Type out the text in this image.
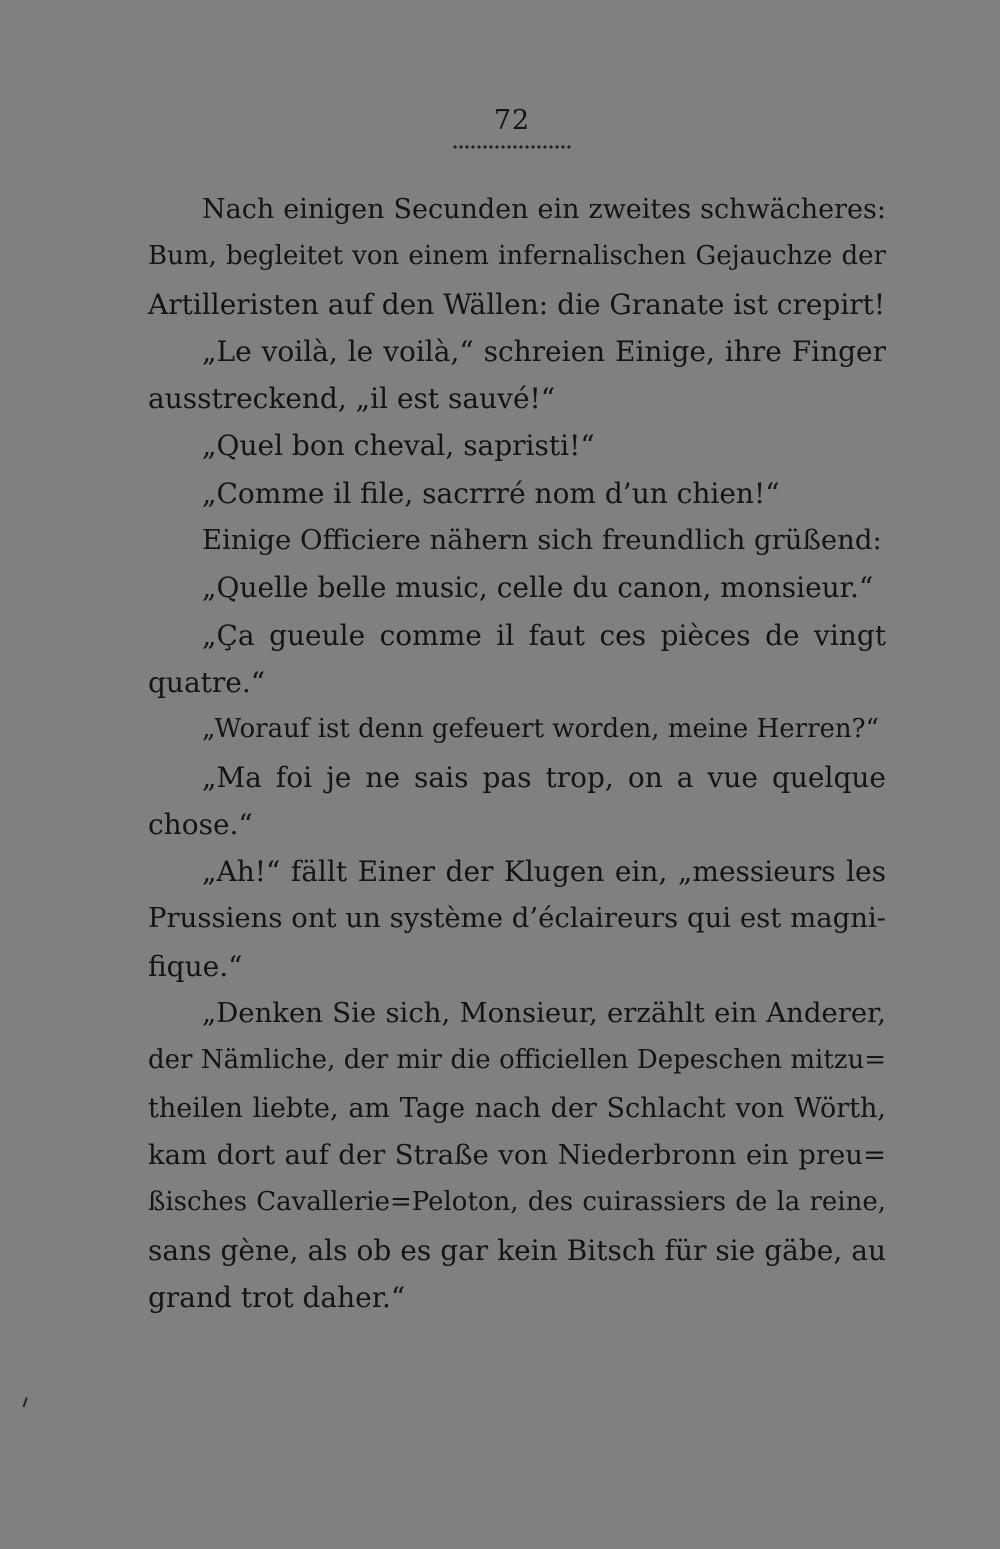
72
Nach einigen Secunden ein zweites schwächeres:
Bum, begleitet von einem infernalischen Gejauchze der
Artilleristen auf den Wällen: die Granate ist crepirt!
„Le voilà, le voilà,“ schreien Einige, ihre Finger
ausstreckend, „il est sauvé!“
„Quel bon cheval, sapristi!“
„Comme il file, sacrrré nom d’un chien!“
Einige Officiere nähern sich freundlich grüßend:
„Quelle belle music, celle du canon, monsieur.“
„Ça gueule comme il faut ces pièces de vingt
quatre.“
„Worauf ist denn gefeuert worden, meine Herren?“
„Ma foi je ne sais pas trop, on a vue quelque
chose.“
„Ah!“ fällt Einer der Klugen ein, „messieurs les
Prussiens ont un système d’éclaireurs qui est magni-
fique.“
„Denken Sie sich, Monsieur, erzählt ein Anderer,
der Nämliche, der mir die officiellen Depeschen mitzu=
theilen liebte, am Tage nach der Schlacht von Wörth,
kam dort auf der Straße von Niederbronn ein preu=
ßisches Cavallerie=Peloton, des cuirassiers de la reine,
sans gène, als ob es gar kein Bitsch für sie gäbe, au
grand trot daher.“
